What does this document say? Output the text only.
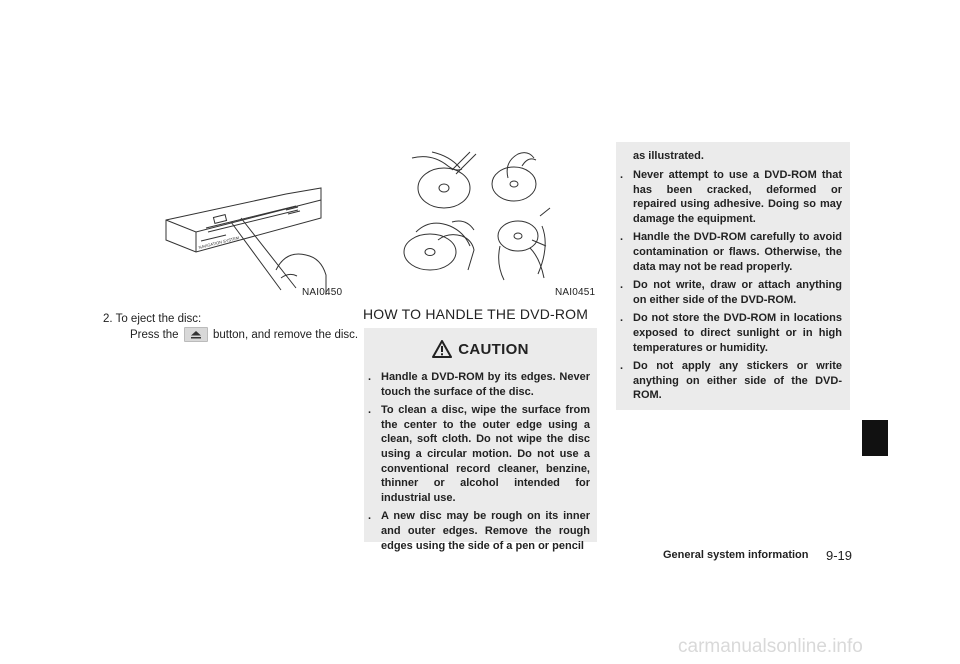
NAVIGATION SYSTEM
NAI0450	NAI0451
2. To eject the disc:
Press the	button, and remove the disc.
HOW TO HANDLE THE DVD-ROM
CAUTION
. Handle a DVD-ROM by its edges. Never touch the surface of the disc.
. To clean a disc, wipe the surface from the center to the outer edge using a clean, soft cloth. Do not wipe the disc using a circular motion. Do not use a conventional record cleaner, benzine, thinner or alcohol intended for industrial use.
. A new disc may be rough on its inner and outer edges. Remove the rough edges using the side of a pen or pencil
as illustrated.
. Never attempt to use a DVD-ROM that has been cracked, deformed or repaired using adhesive. Doing so may damage the equipment.
. Handle the DVD-ROM carefully to avoid contamination or flaws. Otherwise, the data may not be read properly.
. Do not write, draw or attach anything on either side of the DVD-ROM.
. Do not store the DVD-ROM in locations exposed to direct sunlight or in high temperatures or humidity.
. Do not apply any stickers or write anything on either side of the DVD-ROM.
General system information 9-19
carmanualsonline.info
